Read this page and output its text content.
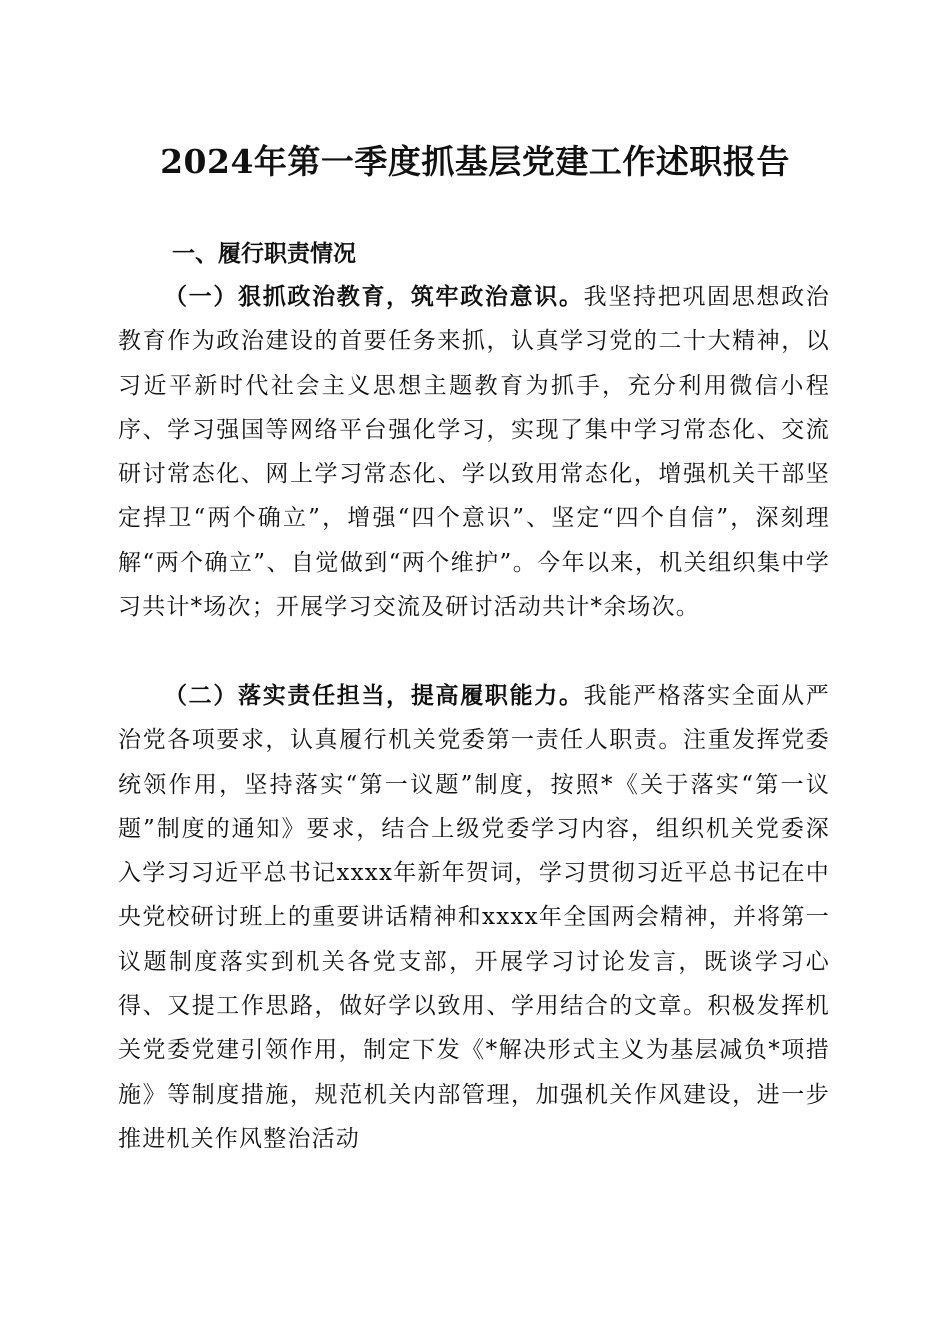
2024年第一季度抓基层党建工作述职报告
一、履行职责情况

（一）狠抓政治教育，筑牢政治意识。我坚持把巩固思想政治教育作为政治建设的首要任务来抓，认真学习党的二十大精神，以习近平新时代社会主义思想主题教育为抓手，充分利用微信小程序、学习强国等网络平台强化学习，实现了集中学习常态化、交流研讨常态化、网上学习常态化、学以致用常态化，增强机关干部坚定捍卫“两个确立”，增强“四个意识”、坚定“四个自信”，深刻理解“两个确立”、自觉做到“两个维护”。今年以来，机关组织集中学习共计*场次；开展学习交流及研讨活动共计*余场次。

（二）落实责任担当，提高履职能力。我能严格落实全面从严治党各项要求，认真履行机关党委第一责任人职责。注重发挥党委统领作用，坚持落实“第一议题”制度，按照*《关于落实“第一议题”制度的通知》要求，结合上级党委学习内容，组织机关党委深入学习习近平总书记xxxx年新年贺词，学习贯彻习近平总书记在中央党校研讨班上的重要讲话精神和xxxx年全国两会精神，并将第一议题制度落实到机关各党支部，开展学习讨论发言，既谈学习心得、又提工作思路，做好学以致用、学用结合的文章。积极发挥机关党委党建引领作用，制定下发《*解决形式主义为基层减负*项措施》等制度措施，规范机关内部管理，加强机关作风建设，进一步推进机关作风整治活动
